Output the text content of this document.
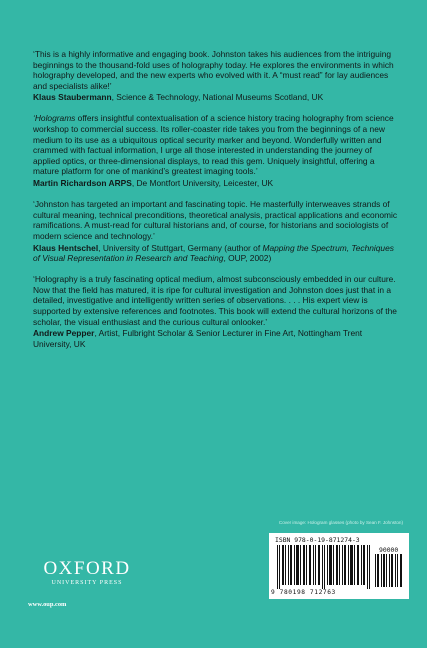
‘This is a highly informative and engaging book. Johnston takes his audiences from the intriguing beginnings to the thousand-fold uses of holography today. He explores the environments in which holography developed, and the new experts who evolved with it. A “must read” for lay audiences and specialists alike!’

Klaus Staubermann, Science & Technology, National Museums Scotland, UK

‘Holograms offers insightful contextualisation of a science history tracing holography from science workshop to commercial success. Its roller-coaster ride takes you from the beginnings of a new medium to its use as a ubiquitous optical security marker and beyond. Wonderfully written and crammed with factual information, I urge all those interested in understanding the journey of applied optics, or three-dimensional displays, to read this gem. Uniquely insightful, offering a mature platform for one of mankind’s greatest imaging tools.’

Martin Richardson ARPS, De Montfort University, Leicester, UK

‘Johnston has targeted an important and fascinating topic. He masterfully interweaves strands of cultural meaning, technical preconditions, theoretical analysis, practical applications and economic ramifications. A must-read for cultural historians and, of course, for historians and sociologists of modern science and technology.’

Klaus Hentschel, University of Stuttgart, Germany (author of Mapping the Spectrum, Techniques of Visual Representation in Research and Teaching, OUP, 2002)

‘Holography is a truly fascinating optical medium, almost subconsciously embedded in our culture. Now that the field has matured, it is ripe for cultural investigation and Johnston does just that in a detailed, investigative and intelligently written series of observations. . . . His expert view is supported by extensive references and footnotes. This book will extend the cultural horizons of the scholar, the visual enthusiast and the curious cultural onlooker.’

Andrew Pepper, Artist, Fulbright Scholar & Senior Lecturer in Fine Art, Nottingham Trent University, UK

Cover image: Hologram glasses (photo by Sean F. Johnston)
ISBN 978-0-19-871274-3
90000
9 780198 712763
OXFORD
UNIVERSITY PRESS
www.oup.com
